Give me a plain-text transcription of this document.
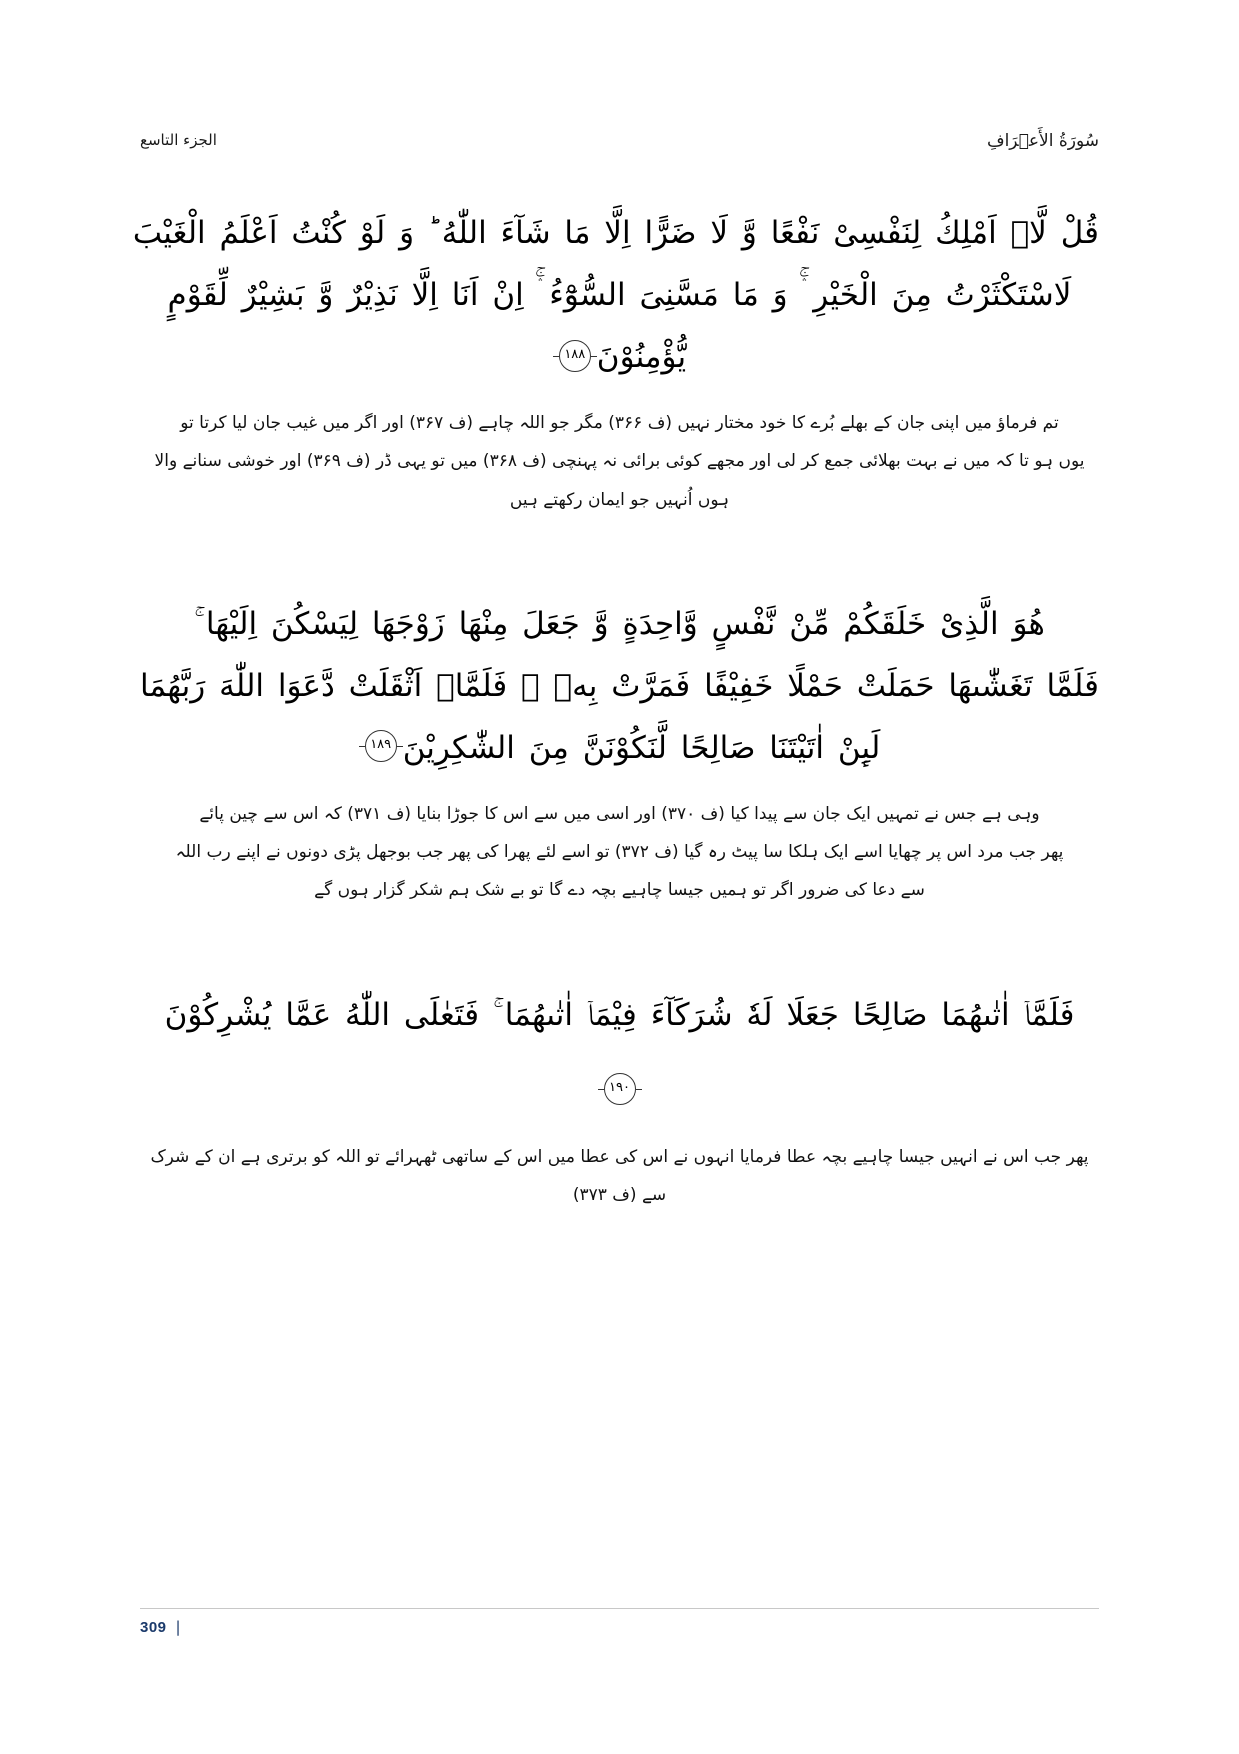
سُورَةُ الأَعۡرَافِ
الجزء التاسع
قُلْ لَّاۤ اَمْلِكُ لِنَفْسِیْ نَفْعًا وَّ لَا ضَرًّا اِلَّا مَا شَآءَ اللّٰهُ ؕ وَ لَوْ كُنْتُ اَعْلَمُ الْغَیْبَ
لَاسْتَكْثَرْتُ مِنَ الْخَیْرِ ۛۚ وَ مَا مَسَّنِیَ السُّوْٓءُ ۛۚ اِنْ اَنَا اِلَّا نَذِیْرٌ وَّ بَشِیْرٌ لِّقَوْمٍ
یُّؤْمِنُوْنَ١٨٨
تم فرماؤ میں اپنی جان کے بھلے بُرے کا خود مختار نہیں (ف ۳۶۶) مگر جو اللہ چاہے (ف ۳۶۷) اور اگر میں غیب جان لیا کرتا تو
یوں ہو تا کہ میں نے بہت بھلائی جمع کر لی اور مجھے کوئی برائی نہ پہنچی (ف ۳۶۸) میں تو یہی ڈر (ف ۳۶۹) اور خوشی سنانے والا
ہوں اُنہیں جو ایمان رکھتے ہیں
هُوَ الَّذِیْ خَلَقَكُمْ مِّنْ نَّفْسٍ وَّاحِدَةٍ وَّ جَعَلَ مِنْهَا زَوْجَهَا لِیَسْكُنَ اِلَیْهَا ۚ
فَلَمَّا تَغَشّٰىهَا حَمَلَتْ حَمْلًا خَفِیْفًا فَمَرَّتْ بِهٖ ۚ فَلَمَّاۤ اَثْقَلَتْ دَّعَوَا اللّٰهَ رَبَّهُمَا
لَىِٕنْ اٰتَیْتَنَا صَالِحًا لَّنَكُوْنَنَّ مِنَ الشّٰكِرِیْنَ١٨٩
وہی ہے جس نے تمہیں ایک جان سے پیدا کیا (ف ۳۷۰) اور اسی میں سے اس کا جوڑا بنایا (ف ۳۷۱) کہ اس سے چین پائے
پھر جب مرد اس پر چھایا اسے ایک ہلکا سا پیٹ رہ گیا (ف ۳۷۲) تو اسے لئے پھرا کی پھر جب بوجھل پڑی دونوں نے اپنے رب اللہ
سے دعا کی ضرور اگر تو ہمیں جیسا چاہیے بچہ دے گا تو بے شک ہم شکر گزار ہوں گے
فَلَمَّاۤ اٰتٰىهُمَا صَالِحًا جَعَلَا لَهٗ شُرَكَآءَ فِیْمَاۤ اٰتٰىهُمَا ۚ فَتَعٰلَى اللّٰهُ عَمَّا یُشْرِكُوْنَ
١٩٠
پھر جب اس نے انہیں جیسا چاہیے بچہ عطا فرمایا انہوں نے اس کی عطا میں اس کے ساتھی ٹھہرائے تو اللہ کو برتری ہے ان کے شرک
سے (ف ۳۷۳)
309 |
